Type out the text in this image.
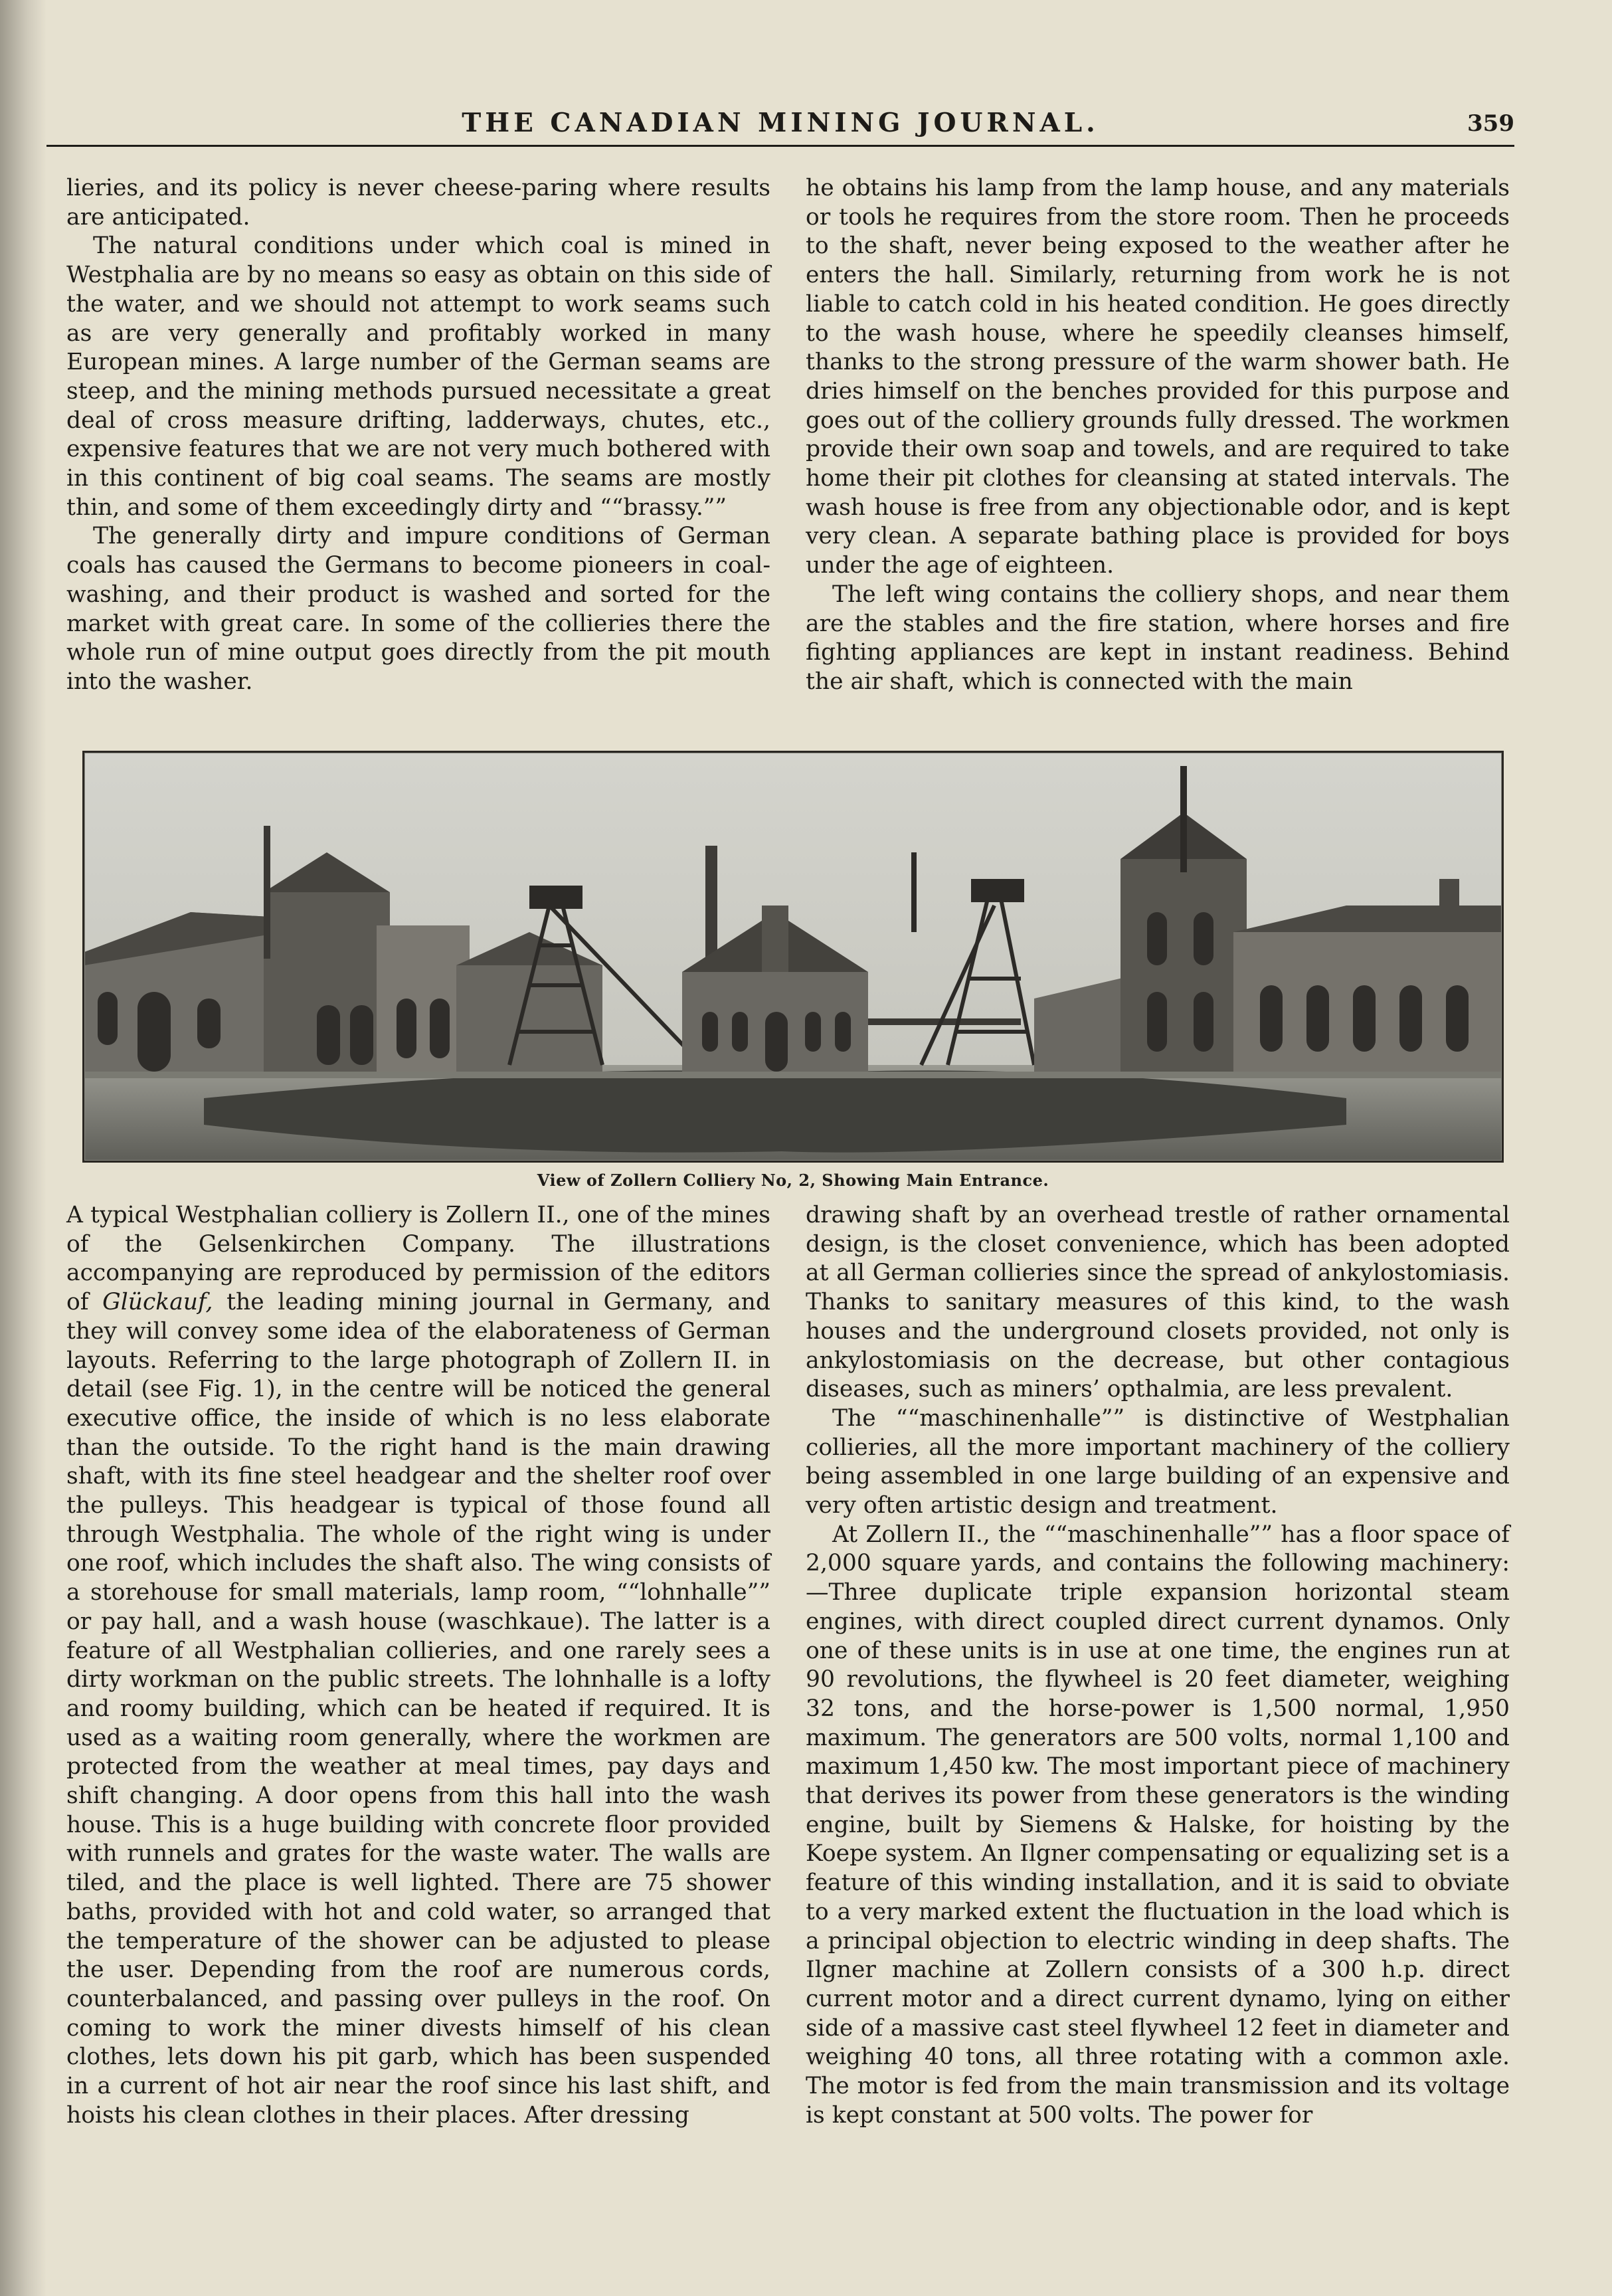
THE CANADIAN MINING JOURNAL.	359

lieries, and its policy is never cheese-paring where results are anticipated.

The natural conditions under which coal is mined in Westphalia are by no means so easy as obtain on this side of the water, and we should not attempt to work seams such as are very generally and profitably worked in many European mines. A large number of the German seams are steep, and the mining methods pursued necessitate a great deal of cross measure drifting, ladderways, chutes, etc., expensive features that we are not very much bothered with in this continent of big coal seams. The seams are mostly thin, and some of them exceedingly dirty and ““brassy.””

The generally dirty and impure conditions of German coals has caused the Germans to become pioneers in coal-washing, and their product is washed and sorted for the market with great care. In some of the collieries there the whole run of mine output goes directly from the pit mouth into the washer.

he obtains his lamp from the lamp house, and any materials or tools he requires from the store room. Then he proceeds to the shaft, never being exposed to the weather after he enters the hall. Similarly, returning from work he is not liable to catch cold in his heated condition. He goes directly to the wash house, where he speedily cleanses himself, thanks to the strong pressure of the warm shower bath. He dries himself on the benches provided for this purpose and goes out of the colliery grounds fully dressed. The workmen provide their own soap and towels, and are required to take home their pit clothes for cleansing at stated intervals. The wash house is free from any objectionable odor, and is kept very clean. A separate bathing place is provided for boys under the age of eighteen.

The left wing contains the colliery shops, and near them are the stables and the fire station, where horses and fire fighting appliances are kept in instant readiness. Behind the air shaft, which is connected with the main

View of Zollern Colliery No, 2, Showing Main Entrance.

A typical Westphalian colliery is Zollern II., one of the mines of the Gelsenkirchen Company. The illustrations accompanying are reproduced by permission of the editors of Glückauf, the leading mining journal in Germany, and they will convey some idea of the elaborateness of German layouts. Referring to the large photograph of Zollern II. in detail (see Fig. 1), in the centre will be noticed the general executive office, the inside of which is no less elaborate than the outside. To the right hand is the main drawing shaft, with its fine steel headgear and the shelter roof over the pulleys. This headgear is typical of those found all through Westphalia. The whole of the right wing is under one roof, which includes the shaft also. The wing consists of a storehouse for small materials, lamp room, ““lohnhalle”” or pay hall, and a wash house (waschkaue). The latter is a feature of all Westphalian collieries, and one rarely sees a dirty workman on the public streets. The lohnhalle is a lofty and roomy building, which can be heated if required. It is used as a waiting room generally, where the workmen are protected from the weather at meal times, pay days and shift changing. A door opens from this hall into the wash house. This is a huge building with concrete floor provided with runnels and grates for the waste water. The walls are tiled, and the place is well lighted. There are 75 shower baths, provided with hot and cold water, so arranged that the temperature of the shower can be adjusted to please the user. Depending from the roof are numerous cords, counterbalanced, and passing over pulleys in the roof. On coming to work the miner divests himself of his clean clothes, lets down his pit garb, which has been suspended in a current of hot air near the roof since his last shift, and hoists his clean clothes in their places. After dressing

drawing shaft by an overhead trestle of rather ornamental design, is the closet convenience, which has been adopted at all German collieries since the spread of ankylostomiasis. Thanks to sanitary measures of this kind, to the wash houses and the underground closets provided, not only is ankylostomiasis on the decrease, but other contagious diseases, such as miners’ opthalmia, are less prevalent.

The ““maschinenhalle”” is distinctive of Westphalian collieries, all the more important machinery of the colliery being assembled in one large building of an expensive and very often artistic design and treatment.

At Zollern II., the ““maschinenhalle”” has a floor space of 2,000 square yards, and contains the following machinery:—Three duplicate triple expansion horizontal steam engines, with direct coupled direct current dynamos. Only one of these units is in use at one time, the engines run at 90 revolutions, the flywheel is 20 feet diameter, weighing 32 tons, and the horse-power is 1,500 normal, 1,950 maximum. The generators are 500 volts, normal 1,100 and maximum 1,450 kw. The most important piece of machinery that derives its power from these generators is the winding engine, built by Siemens & Halske, for hoisting by the Koepe system. An Ilgner compensating or equalizing set is a feature of this winding installation, and it is said to obviate to a very marked extent the fluctuation in the load which is a principal objection to electric winding in deep shafts. The Ilgner machine at Zollern consists of a 300 h.p. direct current motor and a direct current dynamo, lying on either side of a massive cast steel flywheel 12 feet in diameter and weighing 40 tons, all three rotating with a common axle. The motor is fed from the main transmission and its voltage is kept constant at 500 volts. The power for
